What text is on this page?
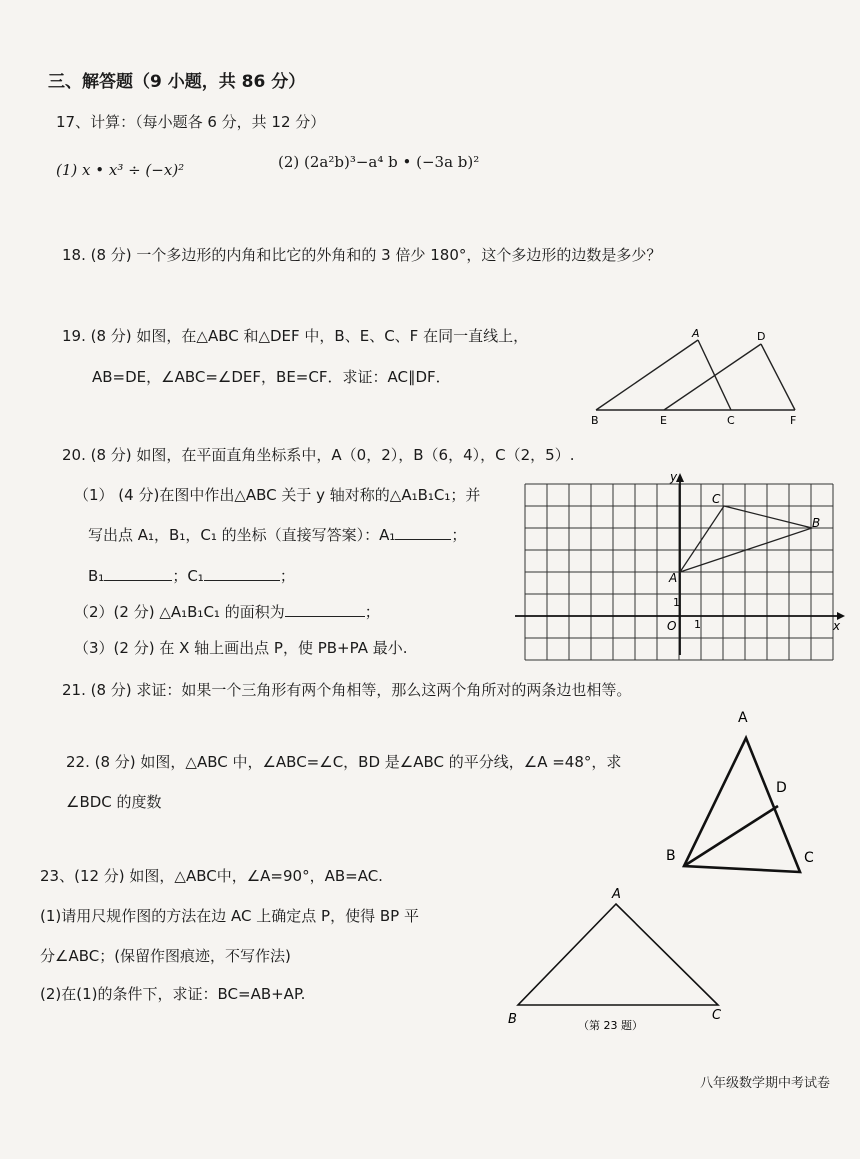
三、解答题（9 小题，共 86 分）
17、计算：（每小题各 6 分，共 12 分）
(1) x • x³ ÷ (−x)²	(2) (2a²b)³−a⁴ b • (−3a b)²
18. (8 分) 一个多边形的内角和比它的外角和的 3 倍少 180°，这个多边形的边数是多少？
19. (8 分) 如图，在△ABC 和△DEF 中，B、E、C、F 在同一直线上，
AB=DE，∠ABC=∠DEF，BE=CF．求证：AC∥DF．
A	D
B	E	C	F
20. (8 分) 如图，在平面直角坐标系中，A（0，2），B（6，4），C（2，5）.
（1） (4 分)在图中作出△ABC 关于 y 轴对称的△A₁B₁C₁；并
写出点 A₁，B₁，C₁ 的坐标（直接写答案）：A₁	；
B₁	；C₁	；
（2）(2 分) △A₁B₁C₁ 的面积为	；
（3）(2 分) 在 X 轴上画出点 P，使 PB+PA 最小.
y
x
O 1
1
A
B
C
21. (8 分) 求证：如果一个三角形有两个角相等，那么这两个角所对的两条边也相等。
22. (8 分) 如图，△ABC 中，∠ABC=∠C，BD 是∠ABC 的平分线，∠A =48°，求
∠BDC 的度数
A
B	C
D
23、(12 分) 如图，△ABC中，∠A=90°，AB=AC.
(1)请用尺规作图的方法在边 AC 上确定点 P，使得 BP 平
分∠ABC；(保留作图痕迹，不写作法)
(2)在(1)的条件下，求证：BC=AB+AP.
A
B	C
（第 23 题）
八年级数学期中考试卷
